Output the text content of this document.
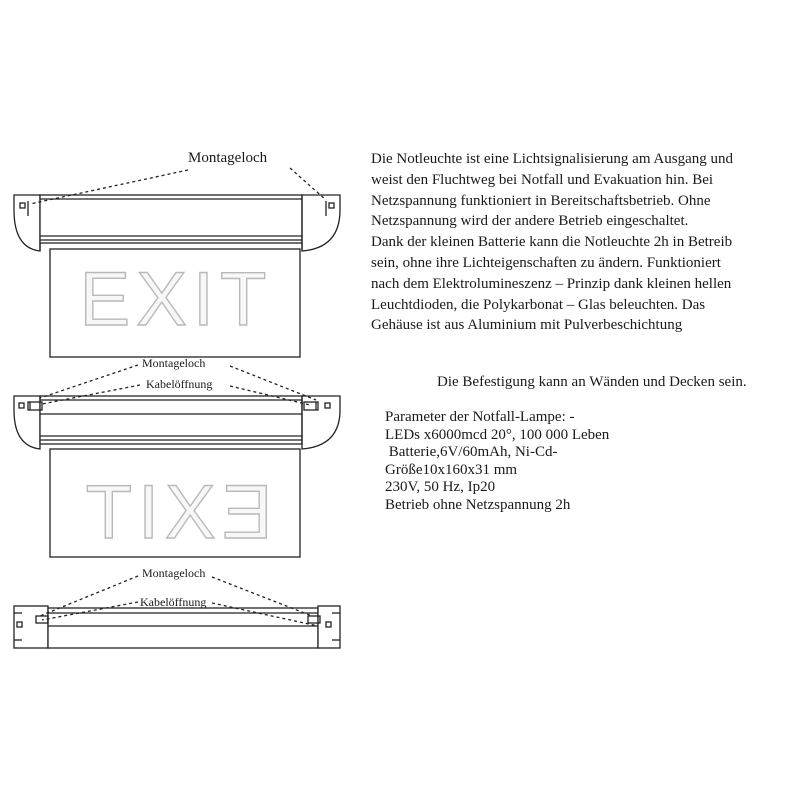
EXIT
EXIT
Montageloch
Montageloch
Kabelöffnung
Montageloch
Kabelöffnung
Die Notleuchte ist eine Lichtsignalisierung am Ausgang und
weist den Fluchtweg bei Notfall und Evakuation hin. Bei
Netzspannung funktioniert in Bereitschaftsbetrieb. Ohne
Netzspannung wird der andere Betrieb eingeschaltet.
Dank der kleinen Batterie kann die Notleuchte 2h in Betreib
sein, ohne ihre Lichteigenschaften zu ändern. Funktioniert
nach dem Elektrolumineszenz – Prinzip dank kleinen hellen
Leuchtdioden, die Polykarbonat – Glas beleuchten. Das
Gehäuse ist aus Aluminium mit Pulverbeschichtung
Die Befestigung kann an Wänden und Decken sein.
Parameter der Notfall-Lampe: -
LEDs x6000mcd 20°, 100 000 Leben
Batterie,6V/60mAh, Ni-Cd-
Größe10x160x31 mm
230V, 50 Hz, Ip20
Betrieb ohne Netzspannung 2h
